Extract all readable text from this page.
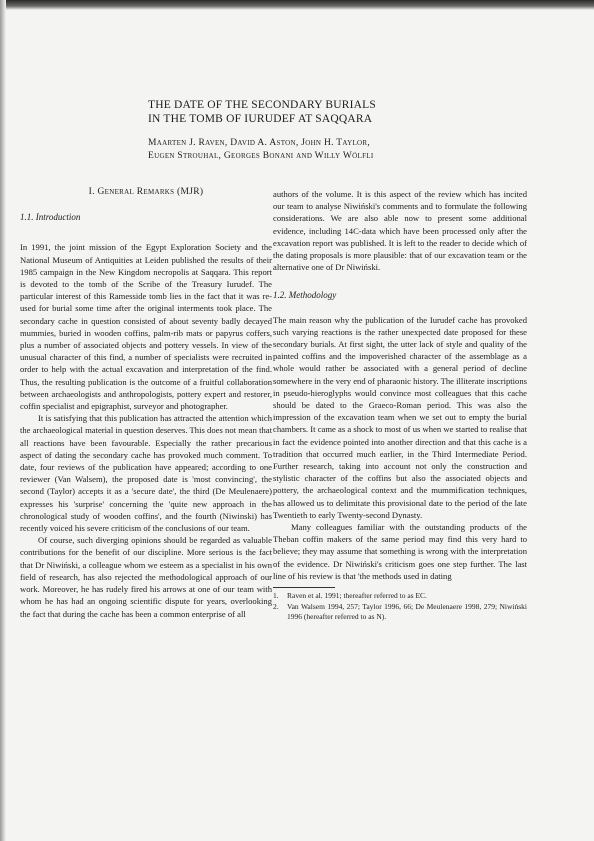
THE DATE OF THE SECONDARY BURIALS
IN THE TOMB OF IURUDEF AT SAQQARA
Maarten J. Raven, David A. Aston, John H. Taylor,
Eugen Strouhal, Georges Bonani and Willy Wölfli
I. General Remarks (MJR)
1.1. Introduction

In 1991, the joint mission of the Egypt Exploration Society and the National Museum of Antiquities at Leiden published the results of their 1985 campaign in the New Kingdom necropolis at Saqqara. This report is devoted to the tomb of the Scribe of the Treasury Iurudef. The particular interest of this Ramesside tomb lies in the fact that it was re-used for burial some time after the original interments took place. The secondary cache in question consisted of about seventy badly decayed mummies, buried in wooden coffins, palm-rib mats or papyrus coffers, plus a number of associated objects and pottery vessels. In view of the unusual character of this find, a number of specialists were recruited in order to help with the actual excavation and interpretation of the find. Thus, the resulting publication is the outcome of a fruitful collaboration between archaeologists and anthropologists, pottery expert and restorer, coffin specialist and epigraphist, surveyor and photographer.

It is satisfying that this publication has attracted the attention which the archaeological material in question deserves. This does not mean that all reactions have been favourable. Especially the rather precarious aspect of dating the secondary cache has provoked much comment. To date, four reviews of the publication have appeared; according to one reviewer (Van Walsem), the proposed date is 'most convincing', the second (Taylor) accepts it as a 'secure date', the third (De Meulenaere) expresses his 'surprise' concerning the 'quite new approach in the chronological study of wooden coffins', and the fourth (Niwinski) has recently voiced his severe criticism of the conclusions of our team.

Of course, such diverging opinions should be regarded as valuable contributions for the benefit of our discipline. More serious is the fact that Dr Niwiński, a colleague whom we esteem as a specialist in his own field of research, has also rejected the methodological approach of our work. Moreover, he has rudely fired his arrows at one of our team with whom he has had an ongoing scientific dispute for years, overlooking the fact that during the cache has been a common enterprise of all

authors of the volume. It is this aspect of the review which has incited our team to analyse Niwiński's comments and to formulate the following considerations. We are also able now to present some additional evidence, including 14C-data which have been processed only after the excavation report was published. It is left to the reader to decide which of the dating proposals is more plausible: that of our excavation team or the alternative one of Dr Niwiński.

1.2. Methodology

The main reason why the publication of the Iurudef cache has provoked such varying reactions is the rather unexpected date proposed for these secondary burials. At first sight, the utter lack of style and quality of the painted coffins and the impoverished character of the assemblage as a whole would rather be associated with a general period of decline somewhere in the very end of pharaonic history. The illiterate inscriptions in pseudo-hieroglyphs would convince most colleagues that this cache should be dated to the Graeco-Roman period. This was also the impression of the excavation team when we set out to empty the burial chambers. It came as a shock to most of us when we started to realise that in fact the evidence pointed into another direction and that this cache is a tradition that occurred much earlier, in the Third Intermediate Period. Further research, taking into account not only the construction and stylistic character of the coffins but also the associated objects and pottery, the archaeological context and the mummification techniques, has allowed us to delimitate this provisional date to the period of the late Twentieth to early Twenty-second Dynasty.

Many colleagues familiar with the outstanding products of the Theban coffin makers of the same period may find this very hard to believe; they may assume that something is wrong with the interpretation of the evidence. Dr Niwiński's criticism goes one step further. The last line of his review is that 'the methods used in dating

1.	Raven et al. 1991; thereafter referred to as EC.
2.	Van Walsem 1994, 257; Taylor 1996, 66; De Meulenaere 1998, 279; Niwiński 1996 (hereafter referred to as N).
